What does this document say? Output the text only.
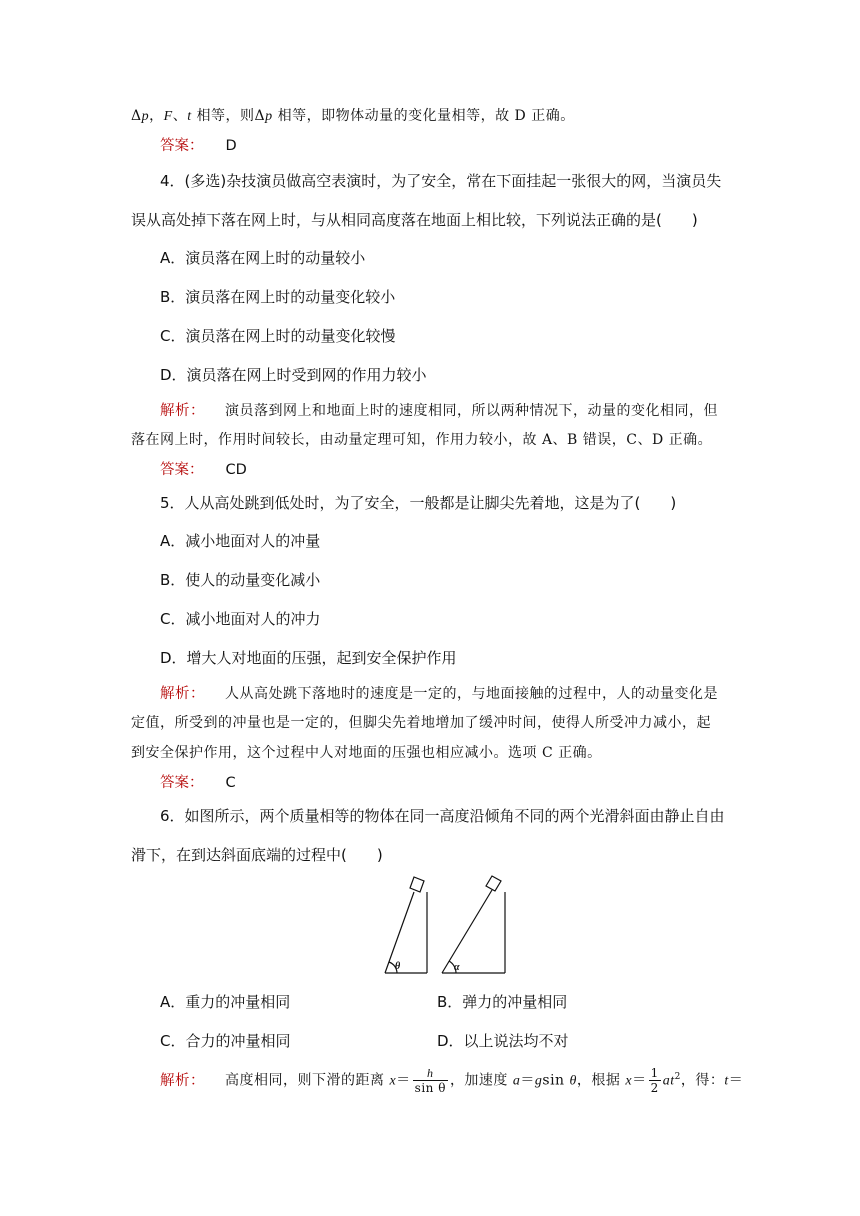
Δp，F、t 相等，则Δp 相等，即物体动量的变化量相等，故 D 正确。
答案： D
4．(多选)杂技演员做高空表演时，为了安全，常在下面挂起一张很大的网，当演员失
误从高处掉下落在网上时，与从相同高度落在地面上相比较，下列说法正确的是(　　)
A．演员落在网上时的动量较小
B．演员落在网上时的动量变化较小
C．演员落在网上时的动量变化较慢
D．演员落在网上时受到网的作用力较小
解析： 演员落到网上和地面上时的速度相同，所以两种情况下，动量的变化相同，但
落在网上时，作用时间较长，由动量定理可知，作用力较小，故 A、B 错误，C、D 正确。
答案： CD
5．人从高处跳到低处时，为了安全，一般都是让脚尖先着地，这是为了(　　)
A．减小地面对人的冲量
B．使人的动量变化减小
C．减小地面对人的冲力
D．增大人对地面的压强，起到安全保护作用
解析： 人从高处跳下落地时的速度是一定的，与地面接触的过程中，人的动量变化是
定值，所受到的冲量也是一定的，但脚尖先着地增加了缓冲时间，使得人所受冲力减小，起
到安全保护作用，这个过程中人对地面的压强也相应减小。选项 C 正确。
答案： C
6．如图所示，两个质量相等的物体在同一高度沿倾角不同的两个光滑斜面由静止自由
滑下，在到达斜面底端的过程中(　　)
θ	α
A．重力的冲量相同	B．弹力的冲量相同
C．合力的冲量相同	D．以上说法均不对
解析： 高度相同，则下滑的距离 $x= \frac{h}{\text{sin θ}}$ ，加速度 a＝gsin θ，根据 $x= \frac{1}{2} at^2$，得：t＝
